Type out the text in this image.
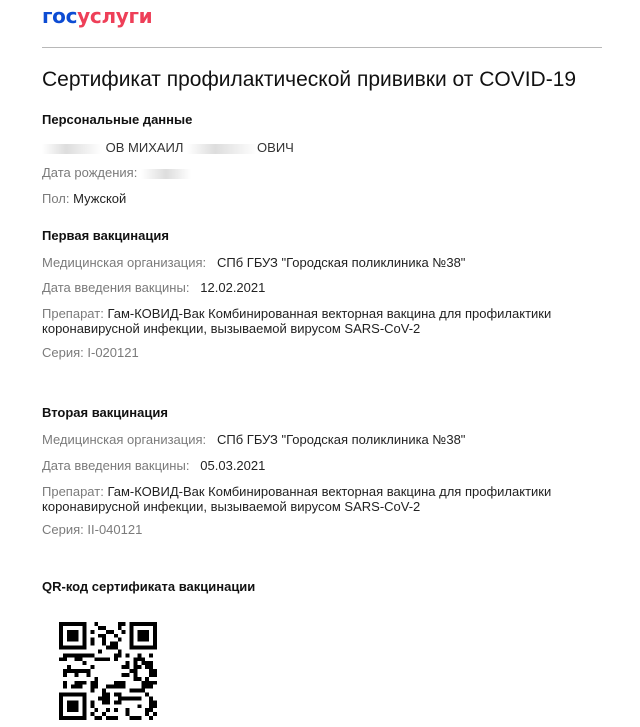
госуслуги
Сертификат профилактической прививки от COVID-19
Персональные данные
ОВ МИХАИЛ	ОВИЧ
Дата рождения:
Пол: Мужской
Первая вакцинация
Медицинская организация: СПб ГБУЗ "Городская поликлиника №38"
Дата введения вакцины: 12.02.2021
Препарат: Гам-КОВИД-Вак Комбинированная векторная вакцина для профилактики коронавирусной инфекции, вызываемой вирусом SARS-CoV-2
Серия: I-020121
Вторая вакцинация
Медицинская организация: СПб ГБУЗ "Городская поликлиника №38"
Дата введения вакцины: 05.03.2021
Препарат: Гам-КОВИД-Вак Комбинированная векторная вакцина для профилактики коронавирусной инфекции, вызываемой вирусом SARS-CoV-2
Серия: II-040121
QR-код сертификата вакцинации
